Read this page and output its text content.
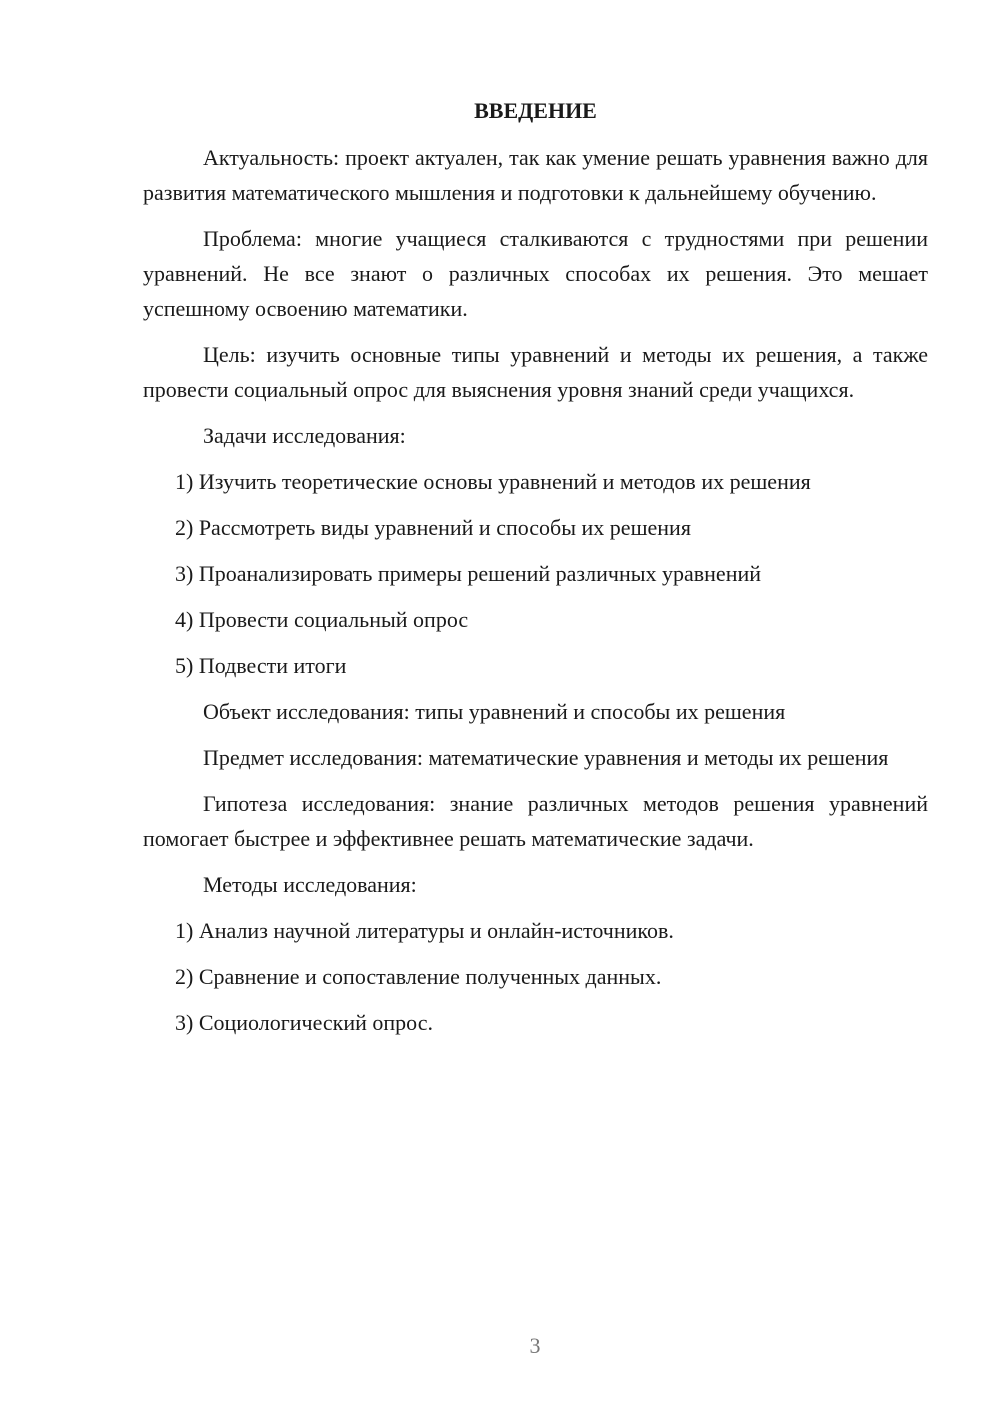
ВВЕДЕНИЕ

Актуальность: проект актуален, так как умение решать уравнения важно для развития математического мышления и подготовки к дальнейшему обучению.

Проблема: многие учащиеся сталкиваются с трудностями при решении уравнений. Не все знают о различных способах их решения. Это мешает успешному освоению математики.

Цель: изучить основные типы уравнений и методы их решения, а также провести социальный опрос для выяснения уровня знаний среди учащихся.

Задачи исследования:

1) Изучить теоретические основы уравнений и методов их решения

2) Рассмотреть виды уравнений и способы их решения

3) Проанализировать примеры решений различных уравнений

4) Провести социальный опрос

5) Подвести итоги

Объект исследования: типы уравнений и способы их решения

Предмет исследования: математические уравнения и методы их решения

Гипотеза исследования: знание различных методов решения уравнений помогает быстрее и эффективнее решать математические задачи.

Методы исследования:

1) Анализ научной литературы и онлайн-источников.

2) Сравнение и сопоставление полученных данных.

3) Социологический опрос.

3
